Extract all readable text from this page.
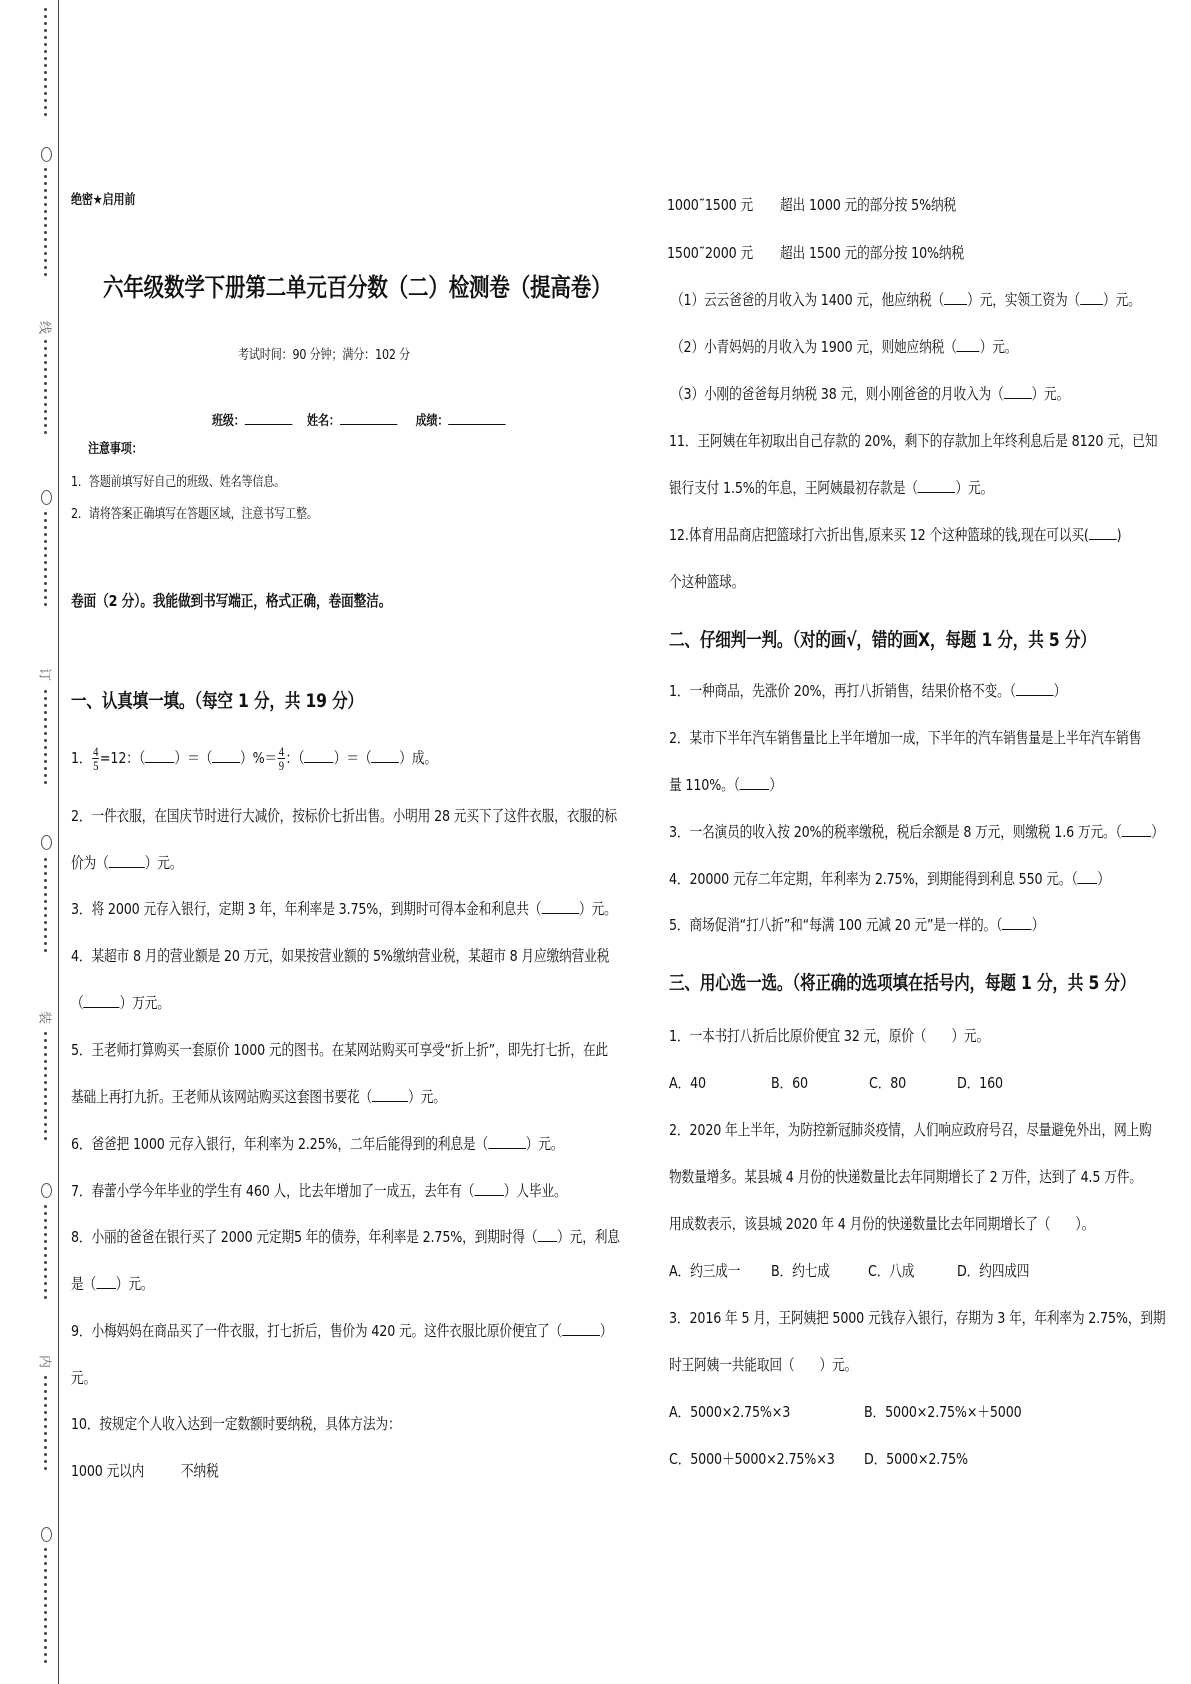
线
订
装
内
绝密★启用前
六年级数学下册第二单元百分数（二）检测卷（提高卷）
考试时间：90 分钟；满分：102 分
班级：	姓名：	成绩：
注意事项：
1．答题前填写好自己的班级、姓名等信息。
2．请将答案正确填写在答题区域，注意书写工整。
卷面（2 分）。我能做到书写端正，格式正确，卷面整洁。
一、认真填一填。（每空 1 分，共 19 分）
1． $\frac{4}{5} =12$：（ ）＝（ ）%＝ $\frac{4}{9}$ ：（ ）＝（ ）成。
2．一件衣服，在国庆节时进行大减价，按标价七折出售。小明用 28 元买下了这件衣服，衣服的标
价为（ ）元。
3．将 2000 元存入银行，定期 3 年，年利率是 3.75%，到期时可得本金和利息共（ ）元。
4．某超市 8 月的营业额是 20 万元，如果按营业额的 5%缴纳营业税，某超市 8 月应缴纳营业税
（ ）万元。
5．王老师打算购买一套原价 1000 元的图书。在某网站购买可享受“折上折”，即先打七折，在此
基础上再打九折。王老师从该网站购买这套图书要花（ ）元。
6．爸爸把 1000 元存入银行，年利率为 2.25%，二年后能得到的利息是（ ）元。
7．春蕾小学今年毕业的学生有 460 人，比去年增加了一成五，去年有（ ）人毕业。
8．小丽的爸爸在银行买了 2000 元定期5 年的债券，年利率是 2.75%，到期时得（ ）元，利息
是（ ）元。
9．小梅妈妈在商品买了一件衣服，打七折后，售价为 420 元。这件衣服比原价便宜了（ ）
元。
10．按规定个人收入达到一定数额时要纳税，具体方法为：
1000 元以内 不纳税
1000˜1500 元 超出 1000 元的部分按 5%纳税
1500˜2000 元 超出 1500 元的部分按 10%纳税
（1）云云爸爸的月收入为 1400 元，他应纳税（ ）元，实领工资为（ ）元。
（2）小青妈妈的月收入为 1900 元，则她应纳税（ ）元。
（3）小刚的爸爸每月纳税 38 元，则小刚爸爸的月收入为（ ）元。
11．王阿姨在年初取出自己存款的 20%，剩下的存款加上年终利息后是 8120 元，已知
银行支付 1.5%的年息，王阿姨最初存款是（ ）元。
12.体育用品商店把篮球打六折出售,原来买 12 个这种篮球的钱,现在可以买( )
个这种篮球。
二、仔细判一判。（对的画√，错的画Χ，每题 1 分，共 5 分）
1．一种商品，先涨价 20%，再打八折销售，结果价格不变。（ ）
2．某市下半年汽车销售量比上半年增加一成，下半年的汽车销售量是上半年汽车销售
量 110%。（ ）
3．一名演员的收入按 20%的税率缴税，税后余额是 8 万元，则缴税 1.6 万元。（ ）
4．20000 元存二年定期，年利率为 2.75%，到期能得到利息 550 元。（ ）
5．商场促消“打八折”和“每满 100 元减 20 元”是一样的。（ ）
三、用心选一选。（将正确的选项填在括号内，每题 1 分，共 5 分）
1．一本书打八折后比原价便宜 32 元，原价（　　）元。
A．40	B．60	C．80	D．160
2．2020 年上半年，为防控新冠肺炎疫情，人们响应政府号召，尽量避免外出，网上购
物数量增多。某县城 4 月份的快递数量比去年同期增长了 2 万件，达到了 4.5 万件。
用成数表示，该县城 2020 年 4 月份的快递数量比去年同期增长了（　　）。
A．约三成一 B．约七成 C．八成	D．约四成四
3．2016 年 5 月，王阿姨把 5000 元钱存入银行，存期为 3 年，年利率为 2.75%，到期
时王阿姨一共能取回（　　）元。
A．5000×2.75%×3	B．5000×2.75%×＋5000
C．5000＋5000×2.75%×3 D．5000×2.75%
